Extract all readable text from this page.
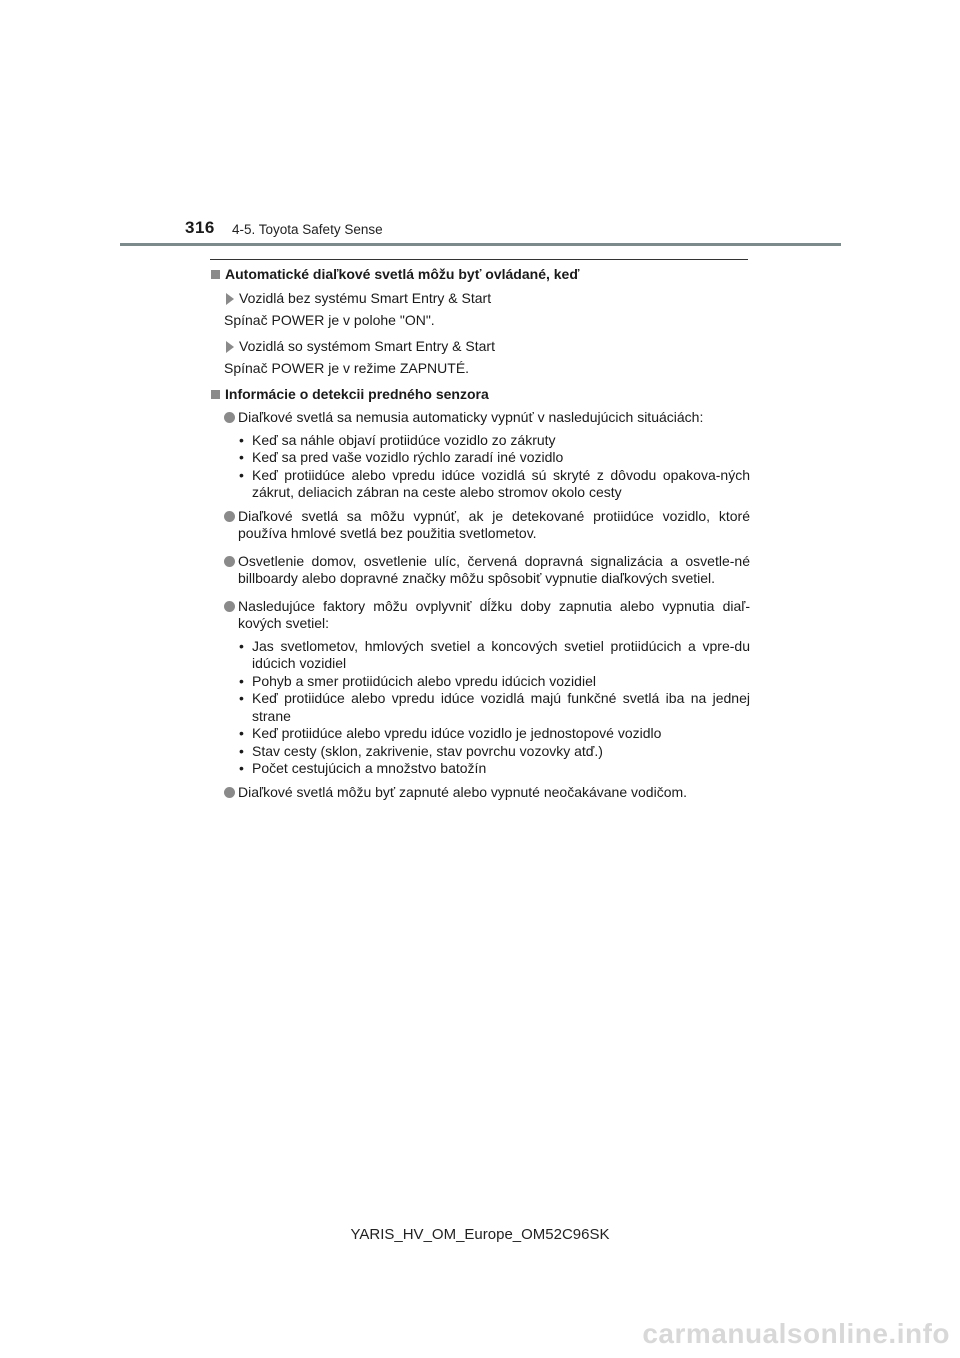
316 4-5. Toyota Safety Sense
Automatické diaľkové svetlá môžu byť ovládané, keď
Vozidlá bez systému Smart Entry & Start
Spínač POWER je v polohe "ON".
Vozidlá so systémom Smart Entry & Start
Spínač POWER je v režime ZAPNUTÉ.
Informácie o detekcii predného senzora
Diaľkové svetlá sa nemusia automaticky vypnúť v nasledujúcich situáciách:
• Keď sa náhle objaví protiidúce vozidlo zo zákruty
• Keď sa pred vaše vozidlo rýchlo zaradí iné vozidlo
• Keď protiidúce alebo vpredu idúce vozidlá sú skryté z dôvodu opakova-ných zákrut, deliacich zábran na ceste alebo stromov okolo cesty
Diaľkové svetlá sa môžu vypnúť, ak je detekované protiidúce vozidlo, ktoré používa hmlové svetlá bez použitia svetlometov.
Osvetlenie domov, osvetlenie ulíc, červená dopravná signalizácia a osvetle-né billboardy alebo dopravné značky môžu spôsobiť vypnutie diaľkových svetiel.
Nasledujúce faktory môžu ovplyvniť dĺžku doby zapnutia alebo vypnutia diaľ-kových svetiel:
• Jas svetlometov, hmlových svetiel a koncových svetiel protiidúcich a vpre-du idúcich vozidiel
• Pohyb a smer protiidúcich alebo vpredu idúcich vozidiel
• Keď protiidúce alebo vpredu idúce vozidlá majú funkčné svetlá iba na jednej strane
• Keď protiidúce alebo vpredu idúce vozidlo je jednostopové vozidlo
• Stav cesty (sklon, zakrivenie, stav povrchu vozovky atď.)
• Počet cestujúcich a množstvo batožín
Diaľkové svetlá môžu byť zapnuté alebo vypnuté neočakávane vodičom.
YARIS_HV_OM_Europe_OM52C96SK
carmanualsonline.info
